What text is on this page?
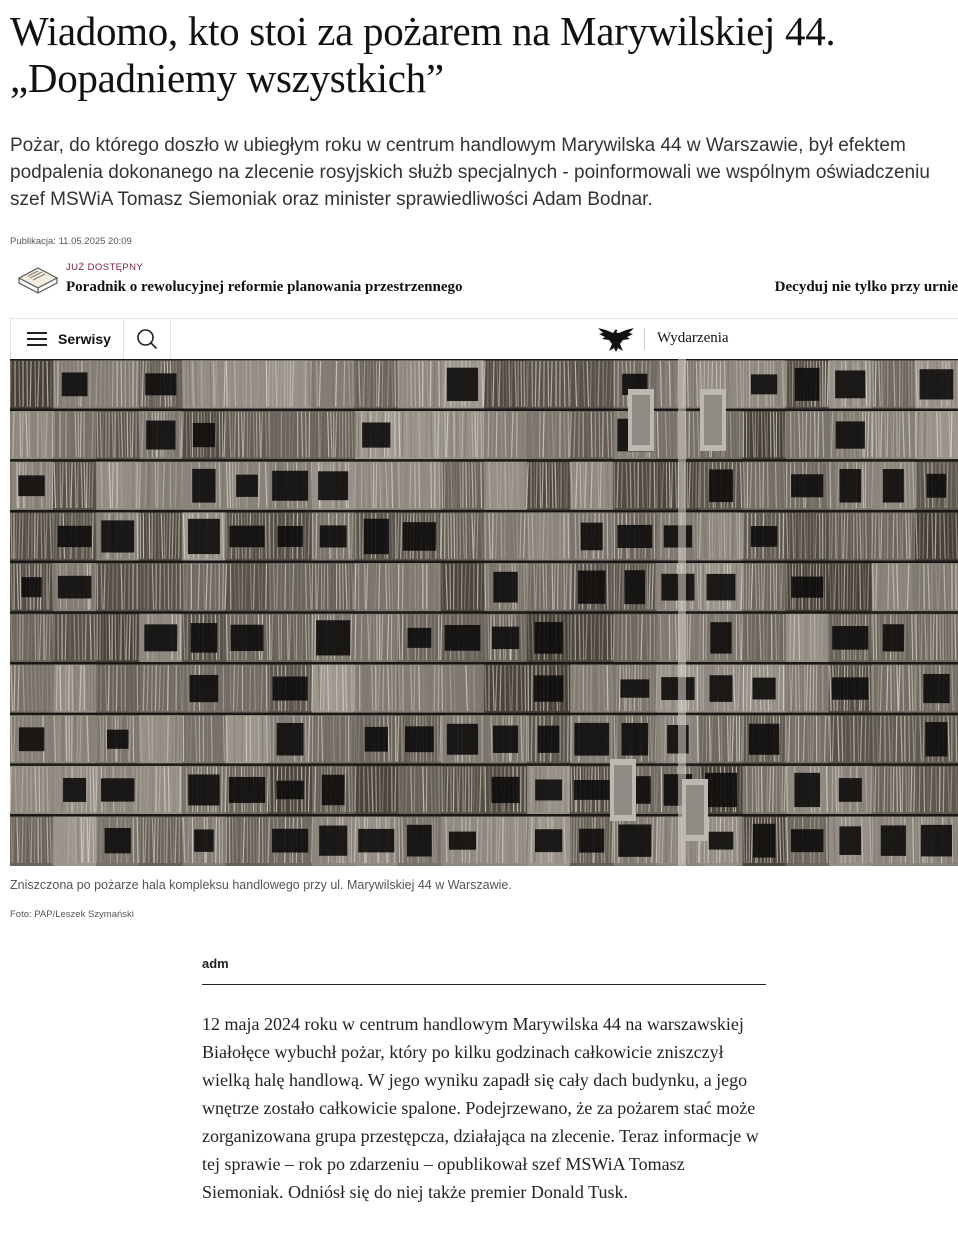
Wiadomo, kto stoi za pożarem na Marywilskiej 44. „Dopadniemy wszystkich”

Pożar, do którego doszło w ubiegłym roku w centrum handlowym Marywilska 44 w Warszawie, był efektem podpalenia dokonanego na zlecenie rosyjskich służb specjalnych - poinformowali we wspólnym oświadczeniu szef MSWiA Tomasz Siemoniak oraz minister sprawiedliwości Adam Bodnar.

Publikacja: 11.05.2025 20:09
JUŻ DOSTĘPNY
Poradnik o rewolucyjnej reformie planowania przestrzennego	Decyduj nie tylko przy urnie
Serwisy	Wydarzenia
Zniszczona po pożarze hala kompleksu handlowego przy ul. Marywilskiej 44 w Warszawie.
Foto: PAP/Leszek Szymański
adm

12 maja 2024 roku w centrum handlowym Marywilska 44 na warszawskiej Białołęce wybuchł pożar, który po kilku godzinach całkowicie zniszczył wielką halę handlową. W jego wyniku zapadł się cały dach budynku, a jego wnętrze zostało całkowicie spalone. Podejrzewano, że za pożarem stać może zorganizowana grupa przestępcza, działająca na zlecenie. Teraz informacje w tej sprawie – rok po zdarzeniu – opublikował szef MSWiA Tomasz Siemoniak. Odniósł się do niej także premier Donald Tusk.
